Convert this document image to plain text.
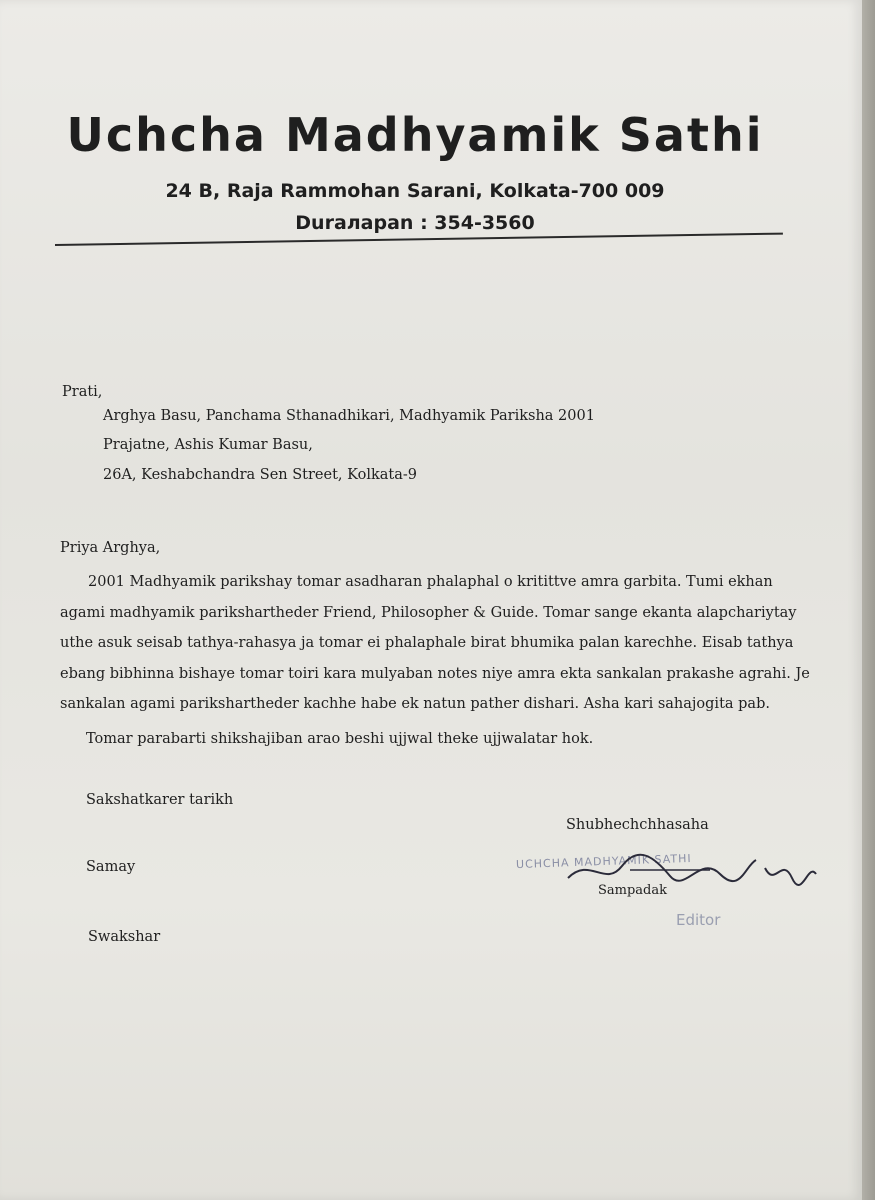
Uchcha Madhyamik Sathi
24 B, Raja Rammohan Sarani, Kolkata-700 009
Durалapan : 354-3560
Prati,
Arghya Basu, Panchama Sthanadhikari, Madhyamik Pariksha 2001
Prajatne, Ashis Kumar Basu,
26A, Keshabchandra Sen Street, Kolkata-9
Priya Arghya,
2001 Madhyamik parikshay tomar asadharan phalaphal o kritittve amra garbita. Tumi ekhan agami madhyamik parikshartheder Friend, Philosopher & Guide. Tomar sange ekanta alapchariytay uthe asuk seisab tathya-rahasya ja tomar ei phalaphale birat bhumika palan karechhe. Eisab tathya ebang bibhinna bishaye tomar toiri kara mulyaban notes niye amra ekta sankalan prakashe agrahi. Je sankalan agami parikshartheder kachhe habe ek natun pather dishari. Asha kari sahajogita pab.
Tomar parabarti shikshajiban arao beshi ujjwal theke ujjwalatar hok.
Sakshatkarer tarikh
Shubhechchhasaha
Samay
Swakshar
UCHCHA MADHYAMIK SATHI
Sampadak
Editor
